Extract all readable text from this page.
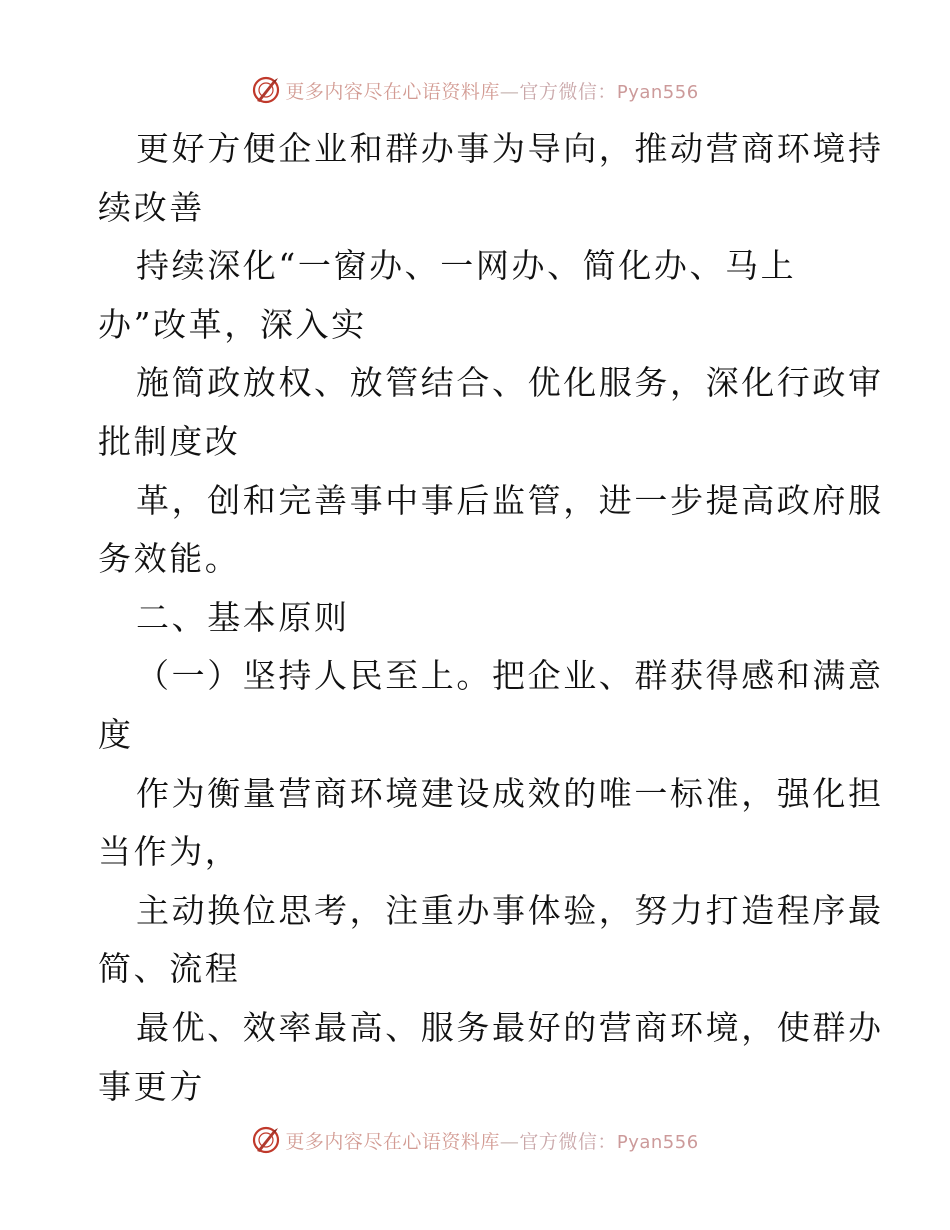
更多内容尽在心语资料库—官方微信：Pyan556
更好方便企业和群办事为导向，推动营商环境持
续改善
持续深化“一窗办、一网办、简化办、马上
办”改革，深入实
施简政放权、放管结合、优化服务，深化行政审
批制度改
革，创和完善事中事后监管，进一步提高政府服
务效能。
二、基本原则
（一）坚持人民至上。把企业、群获得感和满意
度
作为衡量营商环境建设成效的唯一标准，强化担
当作为，
主动换位思考，注重办事体验，努力打造程序最
简、流程
最优、效率最高、服务最好的营商环境，使群办
事更方
更多内容尽在心语资料库—官方微信：Pyan556
